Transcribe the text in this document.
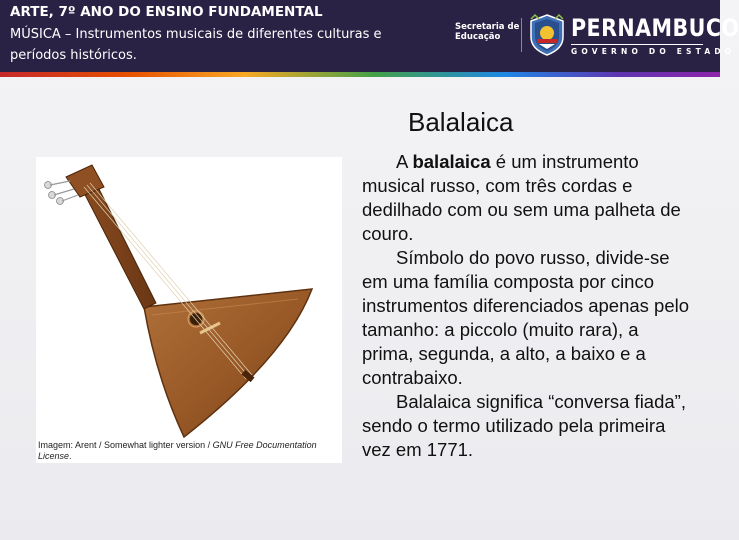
ARTE, 7º ANO DO ENSINO FUNDAMENTAL
MÚSICA – Instrumentos musicais de diferentes culturas e períodos históricos.
Secretaria de
Educação	PERNAMBUCO
GOVERNO DO ESTADO
Balalaica
Imagem: Arent / Somewhat lighter version / GNU Free Documentation License.

A balalaica é um instrumento musical russo, com três cordas e dedilhado com ou sem uma palheta de couro.

Símbolo do povo russo, divide-se em uma família composta por cinco instrumentos diferenciados apenas pelo tamanho: a piccolo (muito rara), a prima, segunda, a alto, a baixo e a contrabaixo.

Balalaica significa “conversa fiada”, sendo o termo utilizado pela primeira vez em 1771.
